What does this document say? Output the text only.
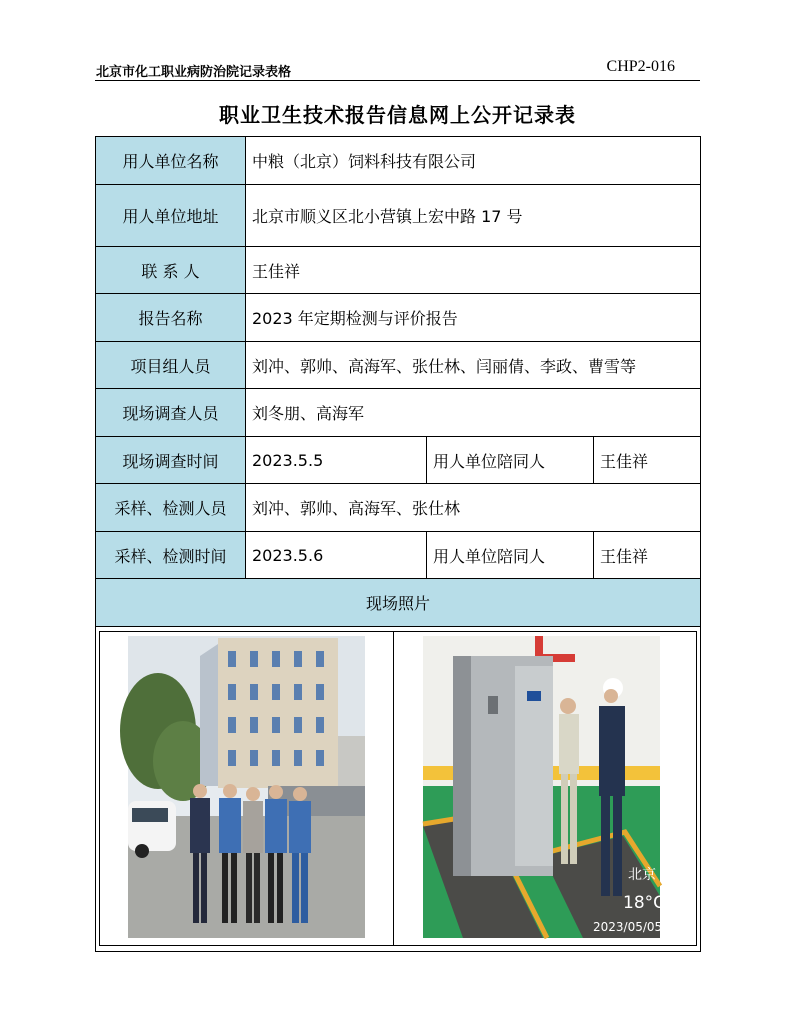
北京市化工职业病防治院记录表格	CHP2-016
职业卫生技术报告信息网上公开记录表
用人单位名称	中粮（北京）饲料科技有限公司		
用人单位地址	北京市顺义区北小营镇上宏中路 17 号		
联 系 人	王佳祥		
报告名称	2023 年定期检测与评价报告		
项目组人员	刘冲、郭帅、高海军、张仕林、闫丽倩、李政、曹雪等		
现场调查人员	刘冬朋、高海军		
现场调查时间	2023.5.5	用人单位陪同人	王佳祥
采样、检测人员	刘冲、郭帅、高海军、张仕林		
采样、检测时间	2023.5.6	用人单位陪同人	王佳祥
现场照片			

北京
18°C
2023/05/05			
